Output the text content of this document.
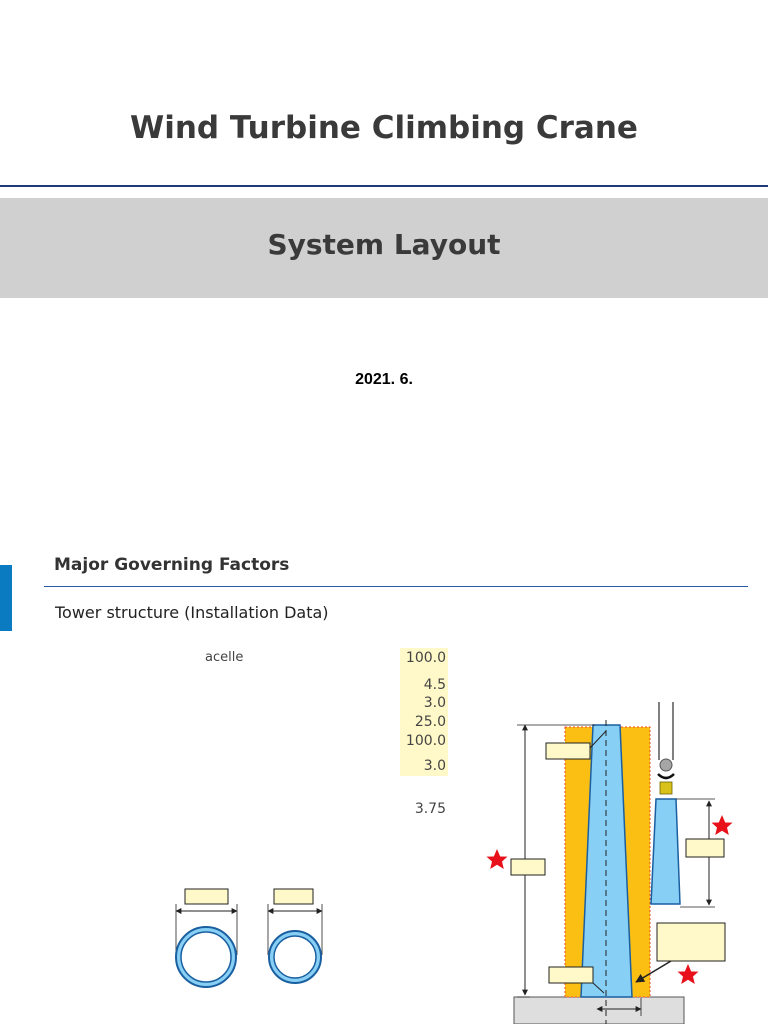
Wind Turbine Climbing Crane
System Layout
2021. 6.
Major Governing Factors
Tower structure (Installation Data)
acelle	100.0
4.5
3.0
25.0
100.0
3.0
3.75
